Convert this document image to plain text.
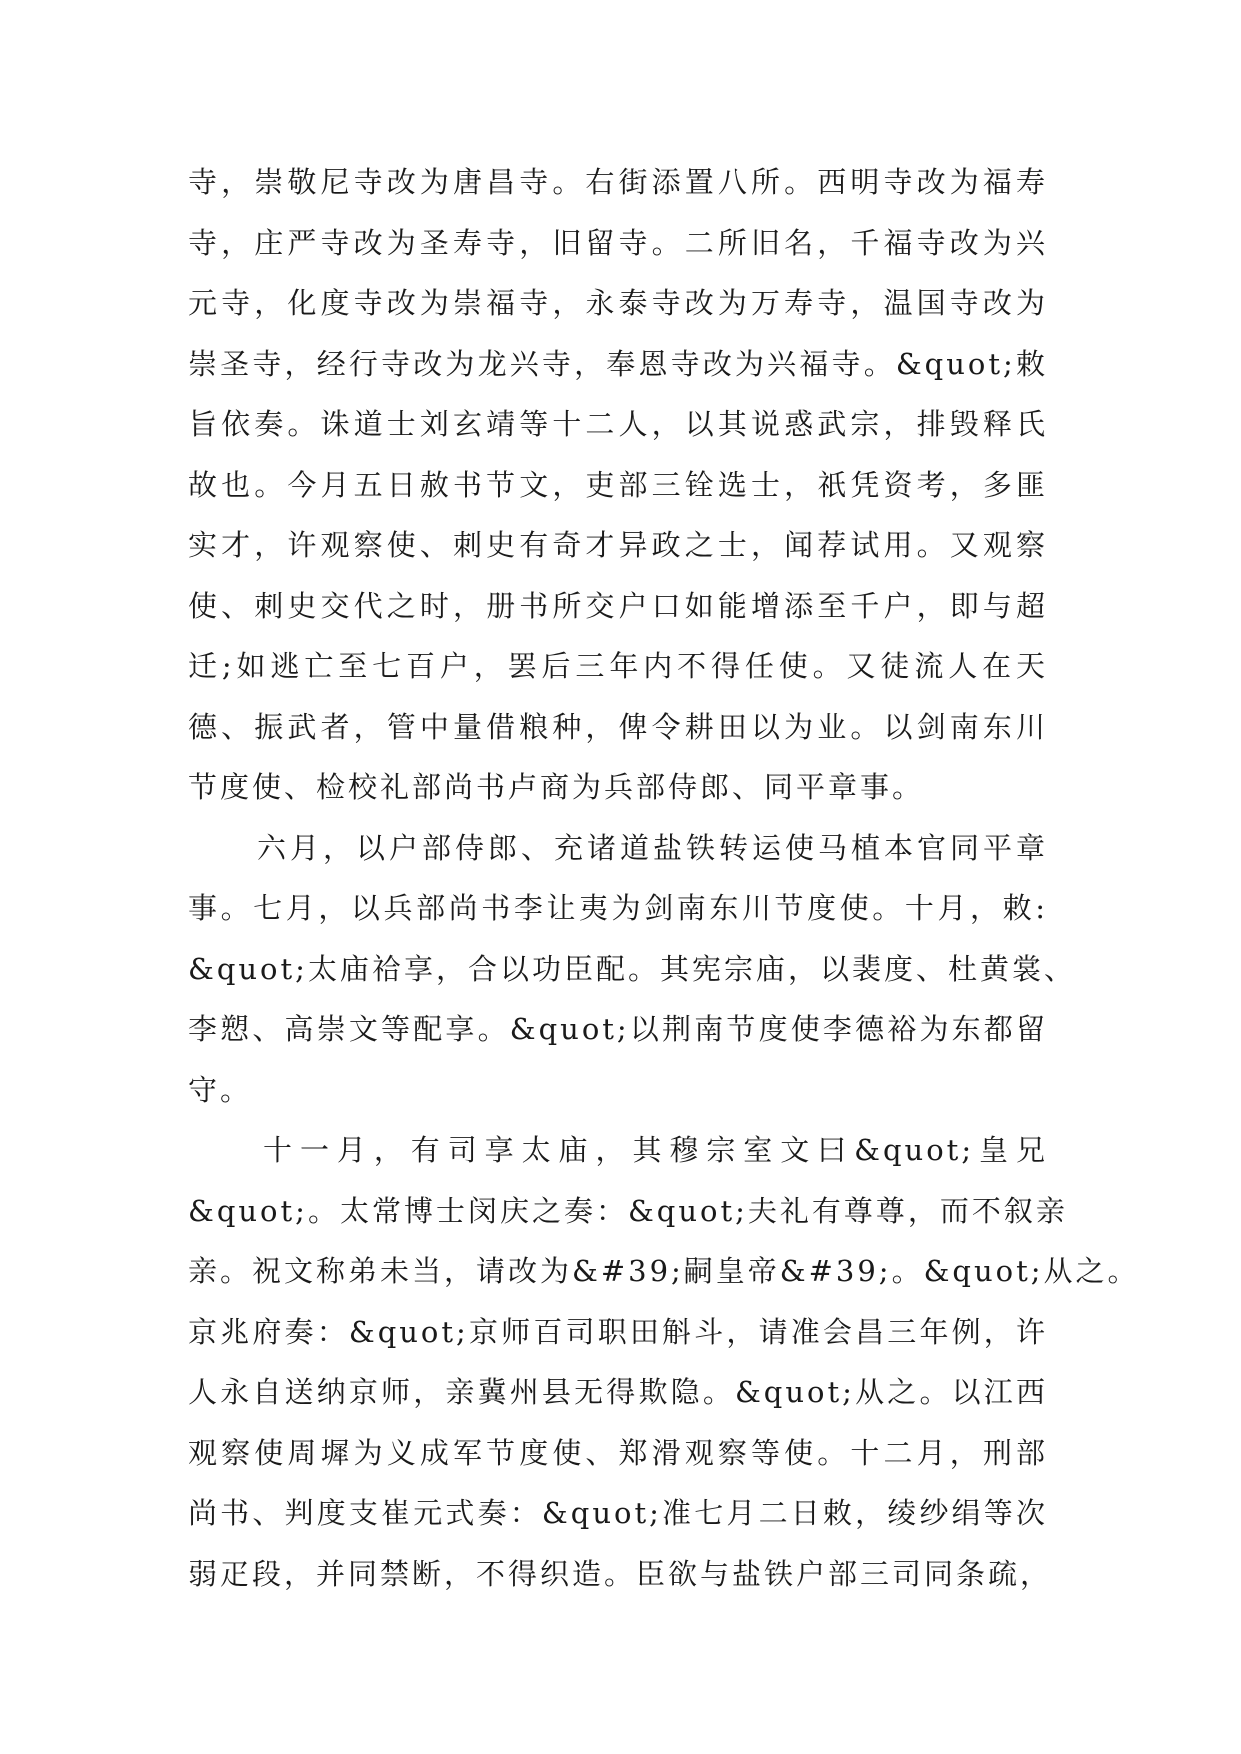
寺，崇敬尼寺改为唐昌寺。右街添置八所。西明寺改为福寿
寺，庄严寺改为圣寿寺，旧留寺。二所旧名，千福寺改为兴
元寺，化度寺改为崇福寺，永泰寺改为万寿寺，温国寺改为
崇圣寺，经行寺改为龙兴寺，奉恩寺改为兴福寺。&quot;敕
旨依奏。诛道士刘玄靖等十二人，以其说惑武宗，排毁释氏
故也。今月五日赦书节文，吏部三铨选士，祇凭资考，多匪
实才，许观察使、刺史有奇才异政之士，闻荐试用。又观察
使、刺史交代之时，册书所交户口如能增添至千户，即与超
迁;如逃亡至七百户，罢后三年内不得任使。又徒流人在天
德、振武者，管中量借粮种，俾令耕田以为业。以剑南东川
节度使、检校礼部尚书卢商为兵部侍郎、同平章事。
六月，以户部侍郎、充诸道盐铁转运使马植本官同平章
事。七月，以兵部尚书李让夷为剑南东川节度使。十月，敕:
&quot;太庙祫享，合以功臣配。其宪宗庙，以裴度、杜黄裳、
李愬、高崇文等配享。&quot;以荆南节度使李德裕为东都留
守。
十一月，有司享太庙，其穆宗室文曰&quot;皇兄
&quot;。太常博士闵庆之奏：&quot;夫礼有尊尊，而不叙亲
亲。祝文称弟未当，请改为&#39;嗣皇帝&#39;。&quot;从之。
京兆府奏：&quot;京师百司职田斛斗，请准会昌三年例，许
人永自送纳京师，亲冀州县无得欺隐。&quot;从之。以江西
观察使周墀为义成军节度使、郑滑观察等使。十二月，刑部
尚书、判度支崔元式奏：&quot;准七月二日敕，绫纱绢等次
弱疋段，并同禁断，不得织造。臣欲与盐铁户部三司同条疏，
